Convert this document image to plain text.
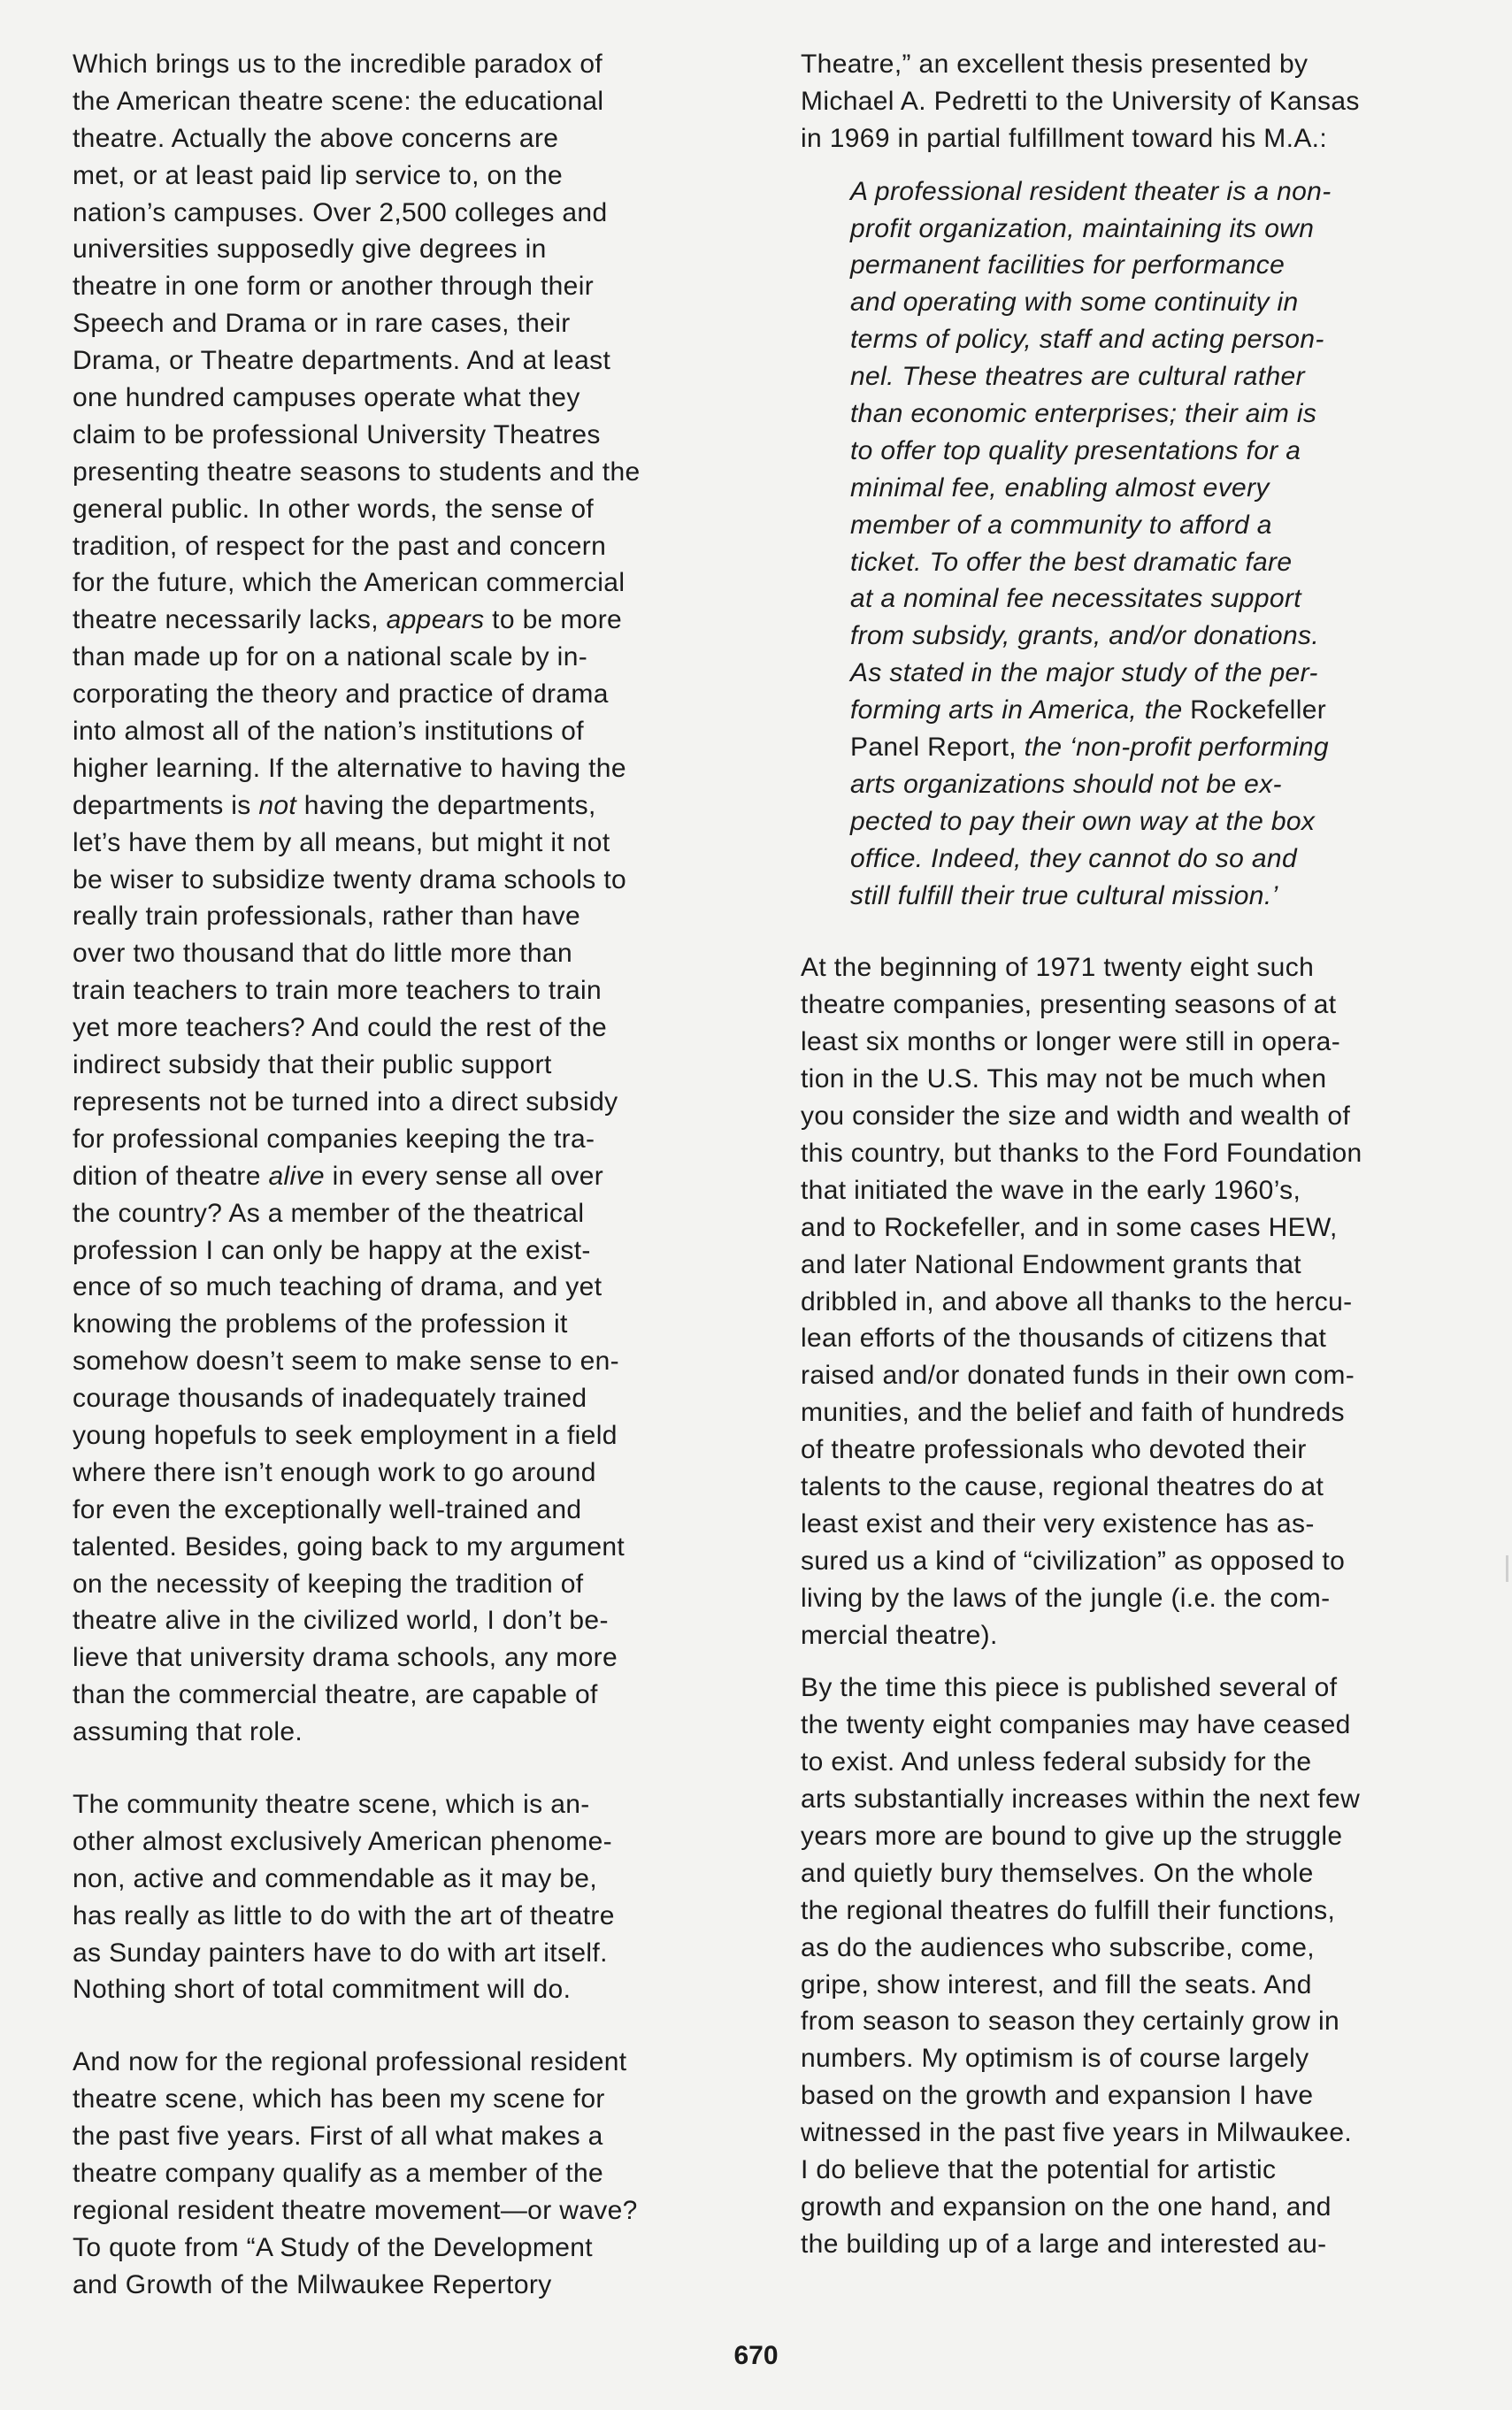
Which brings us to the incredible paradox of
the American theatre scene: the educational
theatre. Actually the above concerns are
met, or at least paid lip service to, on the
nation’s campuses. Over 2,500 colleges and
universities supposedly give degrees in
theatre in one form or another through their
Speech and Drama or in rare cases, their
Drama, or Theatre departments. And at least
one hundred campuses operate what they
claim to be professional University Theatres
presenting theatre seasons to students and the
general public. In other words, the sense of
tradition, of respect for the past and concern
for the future, which the American commercial
theatre necessarily lacks, appears to be more
than made up for on a national scale by in-
corporating the theory and practice of drama
into almost all of the nation’s institutions of
higher learning. If the alternative to having the
departments is not having the departments,
let’s have them by all means, but might it not
be wiser to subsidize twenty drama schools to
really train professionals, rather than have
over two thousand that do little more than
train teachers to train more teachers to train
yet more teachers? And could the rest of the
indirect subsidy that their public support
represents not be turned into a direct subsidy
for professional companies keeping the tra-
dition of theatre alive in every sense all over
the country? As a member of the theatrical
profession I can only be happy at the exist-
ence of so much teaching of drama, and yet
knowing the problems of the profession it
somehow doesn’t seem to make sense to en-
courage thousands of inadequately trained
young hopefuls to seek employment in a field
where there isn’t enough work to go around
for even the exceptionally well-trained and
talented. Besides, going back to my argument
on the necessity of keeping the tradition of
theatre alive in the civilized world, I don’t be-
lieve that university drama schools, any more
than the commercial theatre, are capable of
assuming that role.
The community theatre scene, which is an-
other almost exclusively American phenome-
non, active and commendable as it may be,
has really as little to do with the art of theatre
as Sunday painters have to do with art itself.
Nothing short of total commitment will do.
And now for the regional professional resident
theatre scene, which has been my scene for
the past five years. First of all what makes a
theatre company qualify as a member of the
regional resident theatre movement—or wave?
To quote from “A Study of the Development
and Growth of the Milwaukee Repertory
Theatre,” an excellent thesis presented by
Michael A. Pedretti to the University of Kansas
in 1969 in partial fulfillment toward his M.A.:
A professional resident theater is a non-
profit organization, maintaining its own
permanent facilities for performance
and operating with some continuity in
terms of policy, staff and acting person-
nel. These theatres are cultural rather
than economic enterprises; their aim is
to offer top quality presentations for a
minimal fee, enabling almost every
member of a community to afford a
ticket. To offer the best dramatic fare
at a nominal fee necessitates support
from subsidy, grants, and/or donations.
As stated in the major study of the per-
forming arts in America, the Rockefeller
Panel Report, the ‘non-profit performing
arts organizations should not be ex-
pected to pay their own way at the box
office. Indeed, they cannot do so and
still fulfill their true cultural mission.’
At the beginning of 1971 twenty eight such
theatre companies, presenting seasons of at
least six months or longer were still in opera-
tion in the U.S. This may not be much when
you consider the size and width and wealth of
this country, but thanks to the Ford Foundation
that initiated the wave in the early 1960’s,
and to Rockefeller, and in some cases HEW,
and later National Endowment grants that
dribbled in, and above all thanks to the hercu-
lean efforts of the thousands of citizens that
raised and/or donated funds in their own com-
munities, and the belief and faith of hundreds
of theatre professionals who devoted their
talents to the cause, regional theatres do at
least exist and their very existence has as-
sured us a kind of “civilization” as opposed to
living by the laws of the jungle (i.e. the com-
mercial theatre).
By the time this piece is published several of
the twenty eight companies may have ceased
to exist. And unless federal subsidy for the
arts substantially increases within the next few
years more are bound to give up the struggle
and quietly bury themselves. On the whole
the regional theatres do fulfill their functions,
as do the audiences who subscribe, come,
gripe, show interest, and fill the seats. And
from season to season they certainly grow in
numbers. My optimism is of course largely
based on the growth and expansion I have
witnessed in the past five years in Milwaukee.
I do believe that the potential for artistic
growth and expansion on the one hand, and
the building up of a large and interested au-
670
